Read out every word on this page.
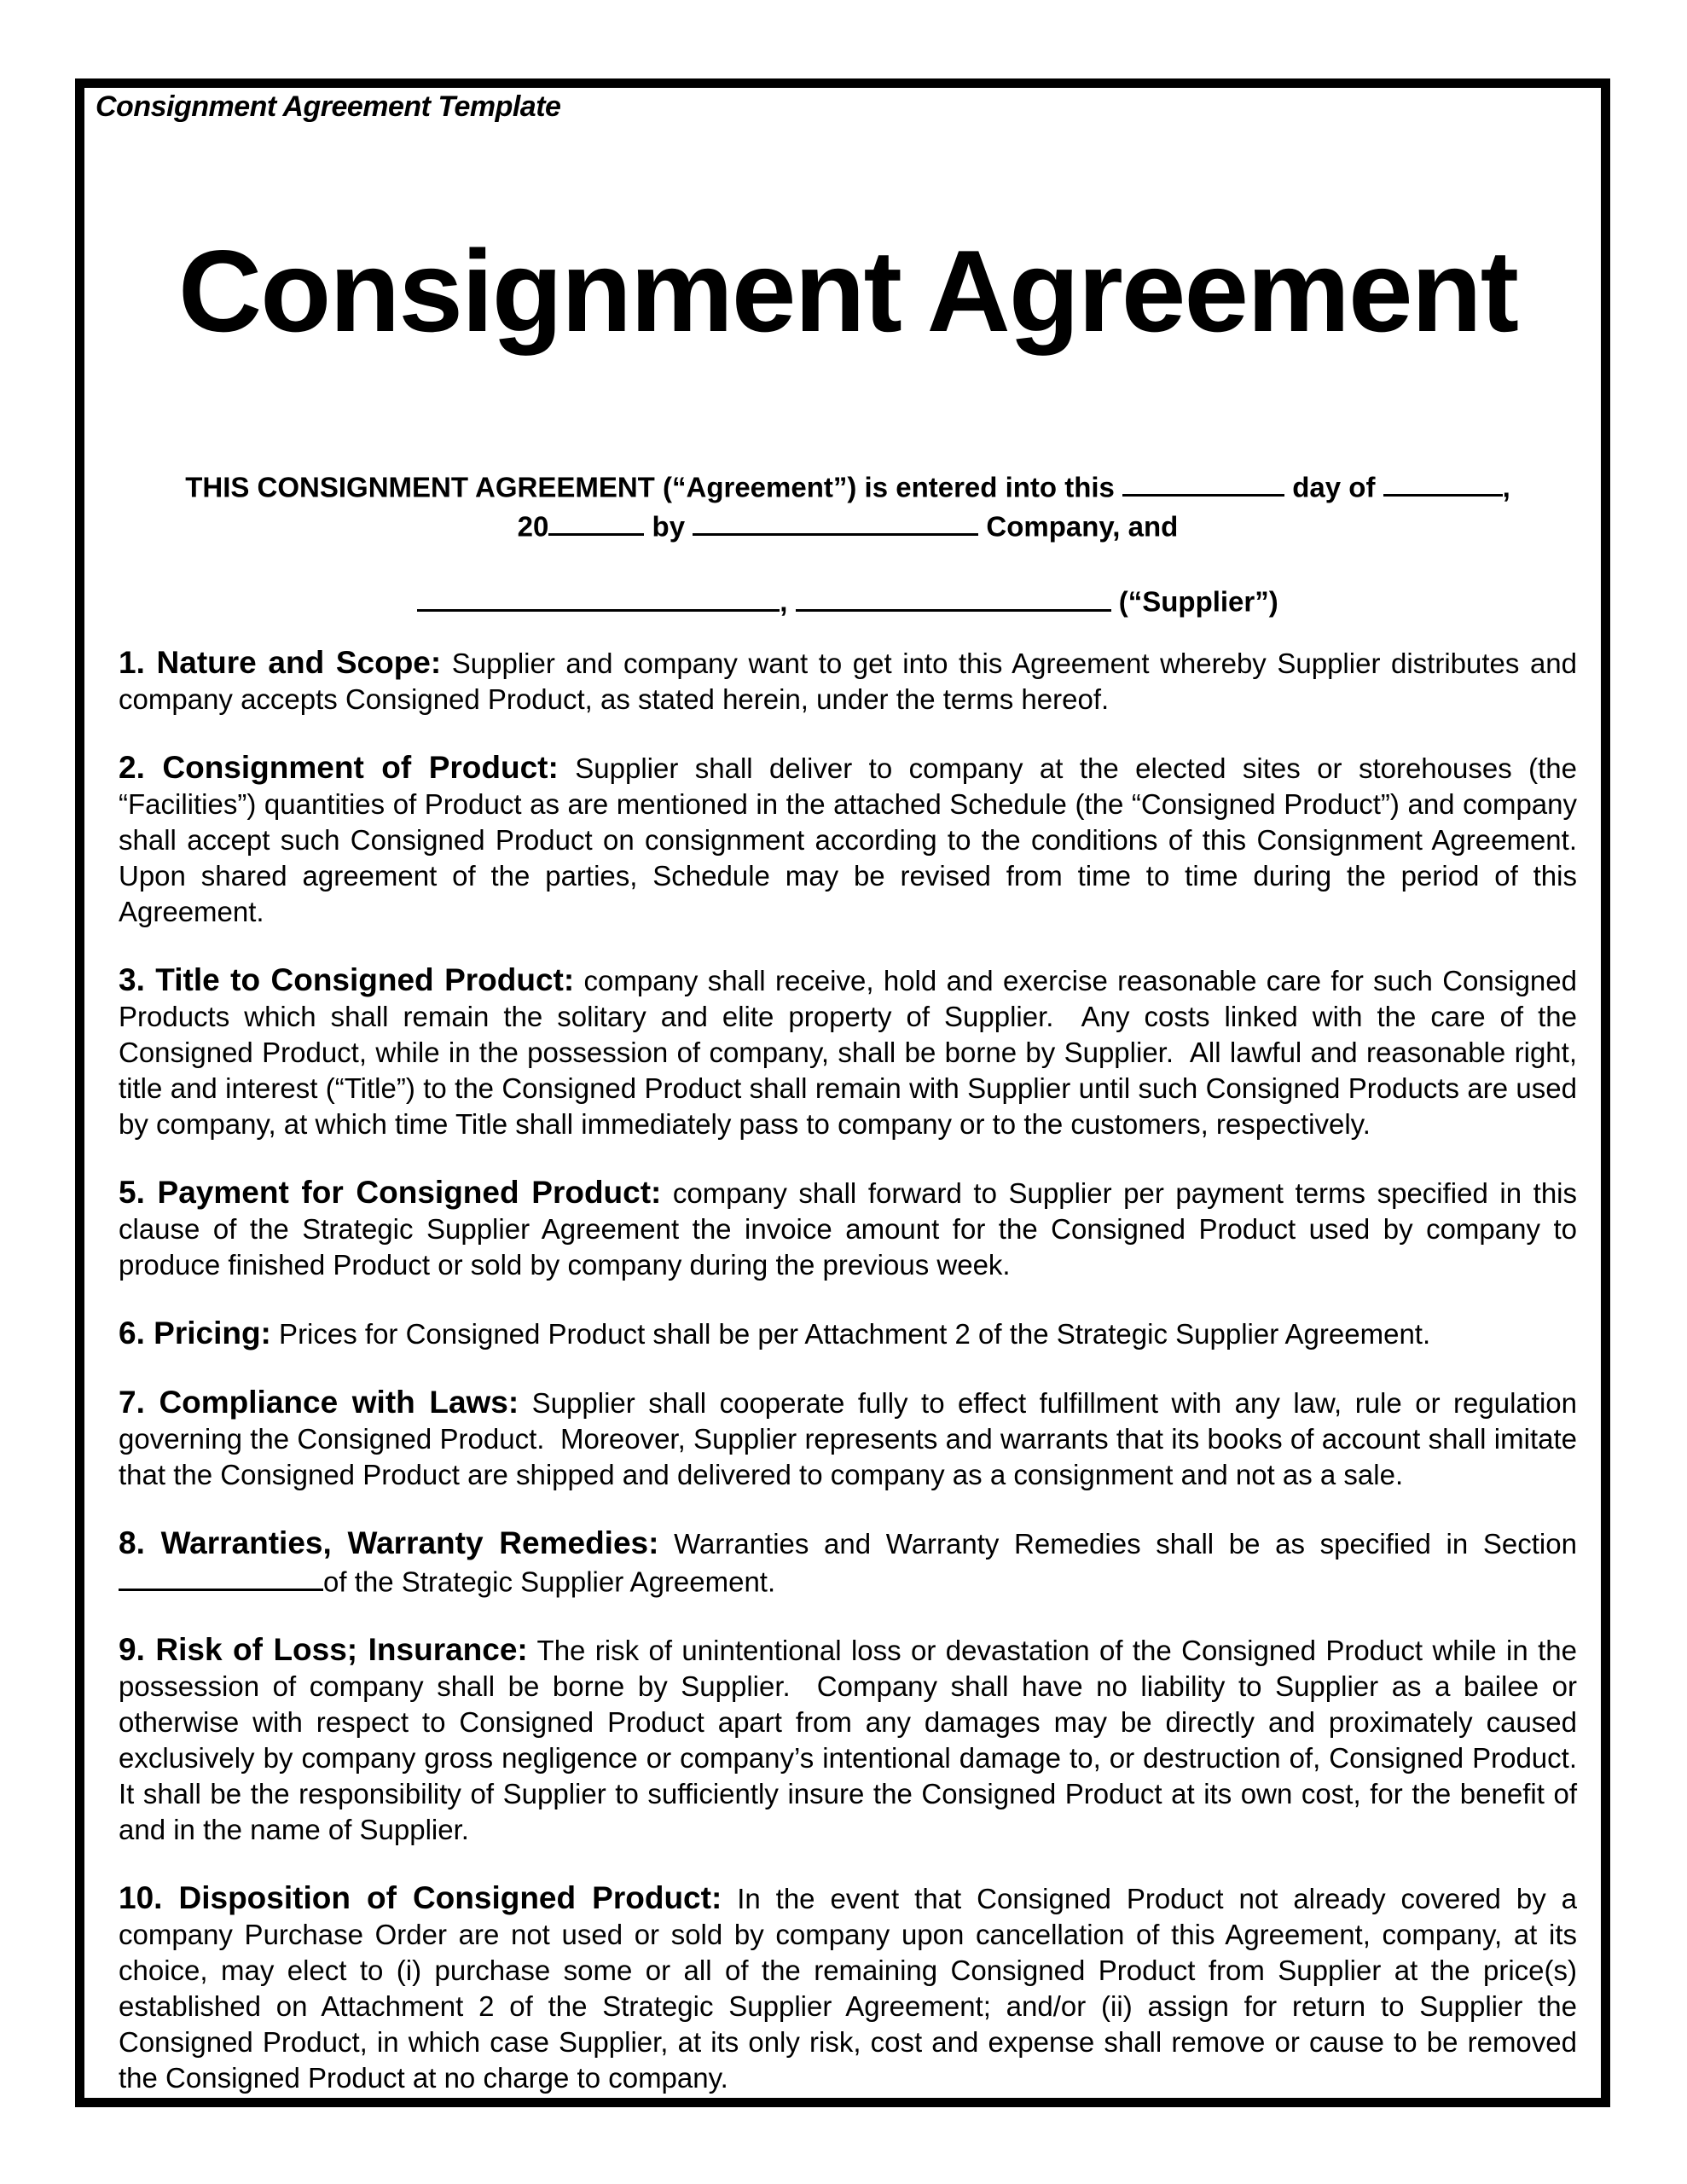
Consignment Agreement Template
Consignment Agreement

THIS CONSIGNMENT AGREEMENT (“Agreement”) is entered into this	day of	,
20	by	Company, and

,	(“Supplier”)

1. Nature and Scope: Supplier and company want to get into this Agreement whereby Supplier distributes and company accepts Consigned Product, as stated herein, under the terms hereof.

2. Consignment of Product: Supplier shall deliver to company at the elected sites or storehouses (the “Facilities”) quantities of Product as are mentioned in the attached Schedule (the “Consigned Product”) and company shall accept such Consigned Product on consignment according to the conditions of this Consignment Agreement.  Upon shared agreement of the parties, Schedule may be revised from time to time during the period of this Agreement.

3. Title to Consigned Product: company shall receive, hold and exercise reasonable care for such Consigned Products which shall remain the solitary and elite property of Supplier.  Any costs linked with the care of the Consigned Product, while in the possession of company, shall be borne by Supplier.  All lawful and reasonable right, title and interest (“Title”) to the Consigned Product shall remain with Supplier until such Consigned Products are used by company, at which time Title shall immediately pass to company or to the customers, respectively.

5. Payment for Consigned Product: company shall forward to Supplier per payment terms specified in this clause of the Strategic Supplier Agreement the invoice amount for the Consigned Product used by company to produce finished Product or sold by company during the previous week.

6. Pricing: Prices for Consigned Product shall be per Attachment 2 of the Strategic Supplier Agreement.

7. Compliance with Laws: Supplier shall cooperate fully to effect fulfillment with any law, rule or regulation governing the Consigned Product.  Moreover, Supplier represents and warrants that its books of account shall imitate that the Consigned Product are shipped and delivered to company as a consignment and not as a sale.

8. Warranties, Warranty Remedies: Warranties and Warranty Remedies shall be as specified in Section of the Strategic Supplier Agreement.

9. Risk of Loss; Insurance: The risk of unintentional loss or devastation of the Consigned Product while in the possession of company shall be borne by Supplier.  Company shall have no liability to Supplier as a bailee or otherwise with respect to Consigned Product apart from any damages may be directly and proximately caused exclusively by company gross negligence or company’s intentional damage to, or destruction of, Consigned Product. It shall be the responsibility of Supplier to sufficiently insure the Consigned Product at its own cost, for the benefit of and in the name of Supplier.

10. Disposition of Consigned Product: In the event that Consigned Product not already covered by a company Purchase Order are not used or sold by company upon cancellation of this Agreement, company, at its choice, may elect to (i) purchase some or all of the remaining Consigned Product from Supplier at the price(s) established on Attachment 2 of the Strategic Supplier Agreement; and/or (ii) assign for return to Supplier the Consigned Product, in which case Supplier, at its only risk, cost and expense shall remove or cause to be removed the Consigned Product at no charge to company.
